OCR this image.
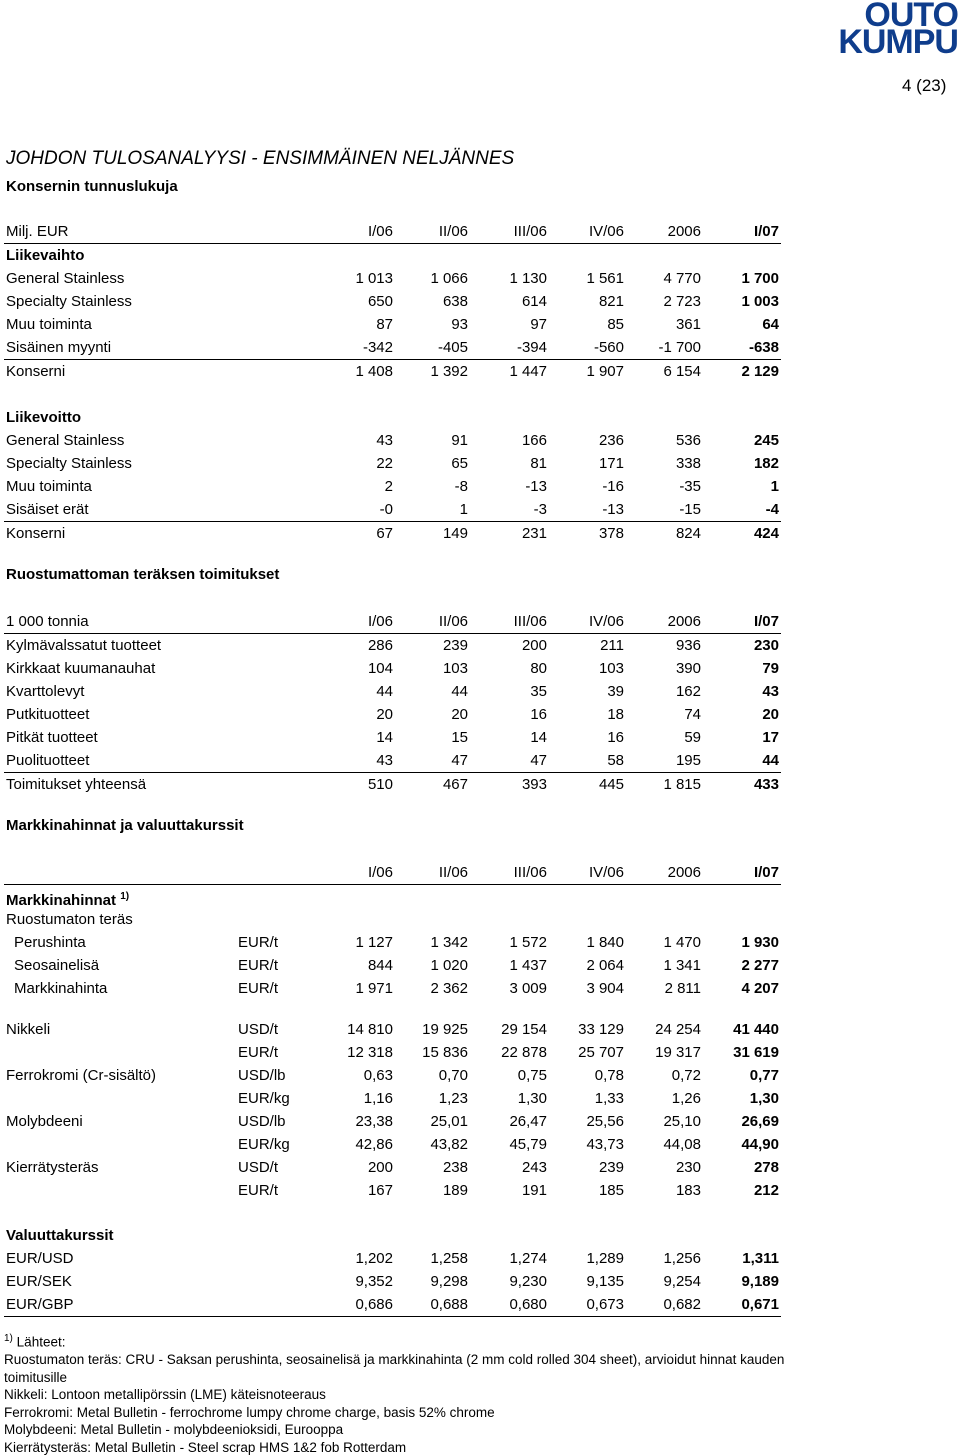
OUTO
KUMPU
4 (23)
JOHDON TULOSANALYYSI - ENSIMMÄINEN NELJÄNNES
Konsernin tunnuslukuja
Milj. EUR	I/06	II/06	III/06	IV/06	2006	I/07
Liikevaihto
General Stainless	1 013	1 066	1 130	1 561	4 770	1 700
Specialty Stainless	650	638	614	821	2 723	1 003
Muu toiminta	87	93	97	85	361	64
Sisäinen myynti	-342	-405	-394	-560	-1 700	-638
Konserni	1 408	1 392	1 447	1 907	6 154	2 129
Liikevoitto
General Stainless	43	91	166	236	536	245
Specialty Stainless	22	65	81	171	338	182
Muu toiminta	2	-8	-13	-16	-35	1
Sisäiset erät	-0	1	-3	-13	-15	-4
Konserni	67	149	231	378	824	424
Ruostumattoman teräksen toimitukset
1 000 tonnia	I/06	II/06	III/06	IV/06	2006	I/07
Kylmävalssatut tuotteet	286	239	200	211	936	230
Kirkkaat kuumanauhat	104	103	80	103	390	79
Kvarttolevyt	44	44	35	39	162	43
Putkituotteet	20	20	16	18	74	20
Pitkät tuotteet	14	15	14	16	59	17
Puolituotteet	43	47	47	58	195	44
Toimitukset yhteensä	510	467	393	445	1 815	433
Markkinahinnat ja valuuttakurssit
I/06	II/06	III/06	IV/06	2006	I/07
Markkinahinnat $^{1)}$
Ruostumaton teräs
Perushinta	EUR/t	1 127	1 342	1 572	1 840	1 470	1 930
Seosainelisä	EUR/t	844	1 020	1 437	2 064	1 341	2 277
Markkinahinta	EUR/t	1 971	2 362	3 009	3 904	2 811	4 207
Nikkeli	USD/t	14 810	19 925	29 154	33 129	24 254	41 440
EUR/t	12 318	15 836	22 878	25 707	19 317	31 619
Ferrokromi (Cr-sisältö)	USD/lb	0,63	0,70	0,75	0,78	0,72	0,77
EUR/kg	1,16	1,23	1,30	1,33	1,26	1,30
Molybdeeni	USD/lb	23,38	25,01	26,47	25,56	25,10	26,69
EUR/kg	42,86	43,82	45,79	43,73	44,08	44,90
Kierrätysteräs	USD/t	200	238	243	239	230	278
EUR/t	167	189	191	185	183	212
Valuuttakurssit
EUR/USD	1,202	1,258	1,274	1,289	1,256	1,311
EUR/SEK	9,352	9,298	9,230	9,135	9,254	9,189
EUR/GBP	0,686	0,688	0,680	0,673	0,682	0,671
$^{1)}$ Lähteet:
Ruostumaton teräs: CRU - Saksan perushinta, seosainelisä ja markkinahinta (2 mm cold rolled 304 sheet), arvioidut hinnat kauden
toimitusille
Nikkeli: Lontoon metallipörssin (LME) käteisnoteeraus
Ferrokromi: Metal Bulletin - ferrochrome lumpy chrome charge, basis 52% chrome
Molybdeeni: Metal Bulletin - molybdeenioksidi, Eurooppa
Kierrätysteräs: Metal Bulletin - Steel scrap HMS 1&2 fob Rotterdam
